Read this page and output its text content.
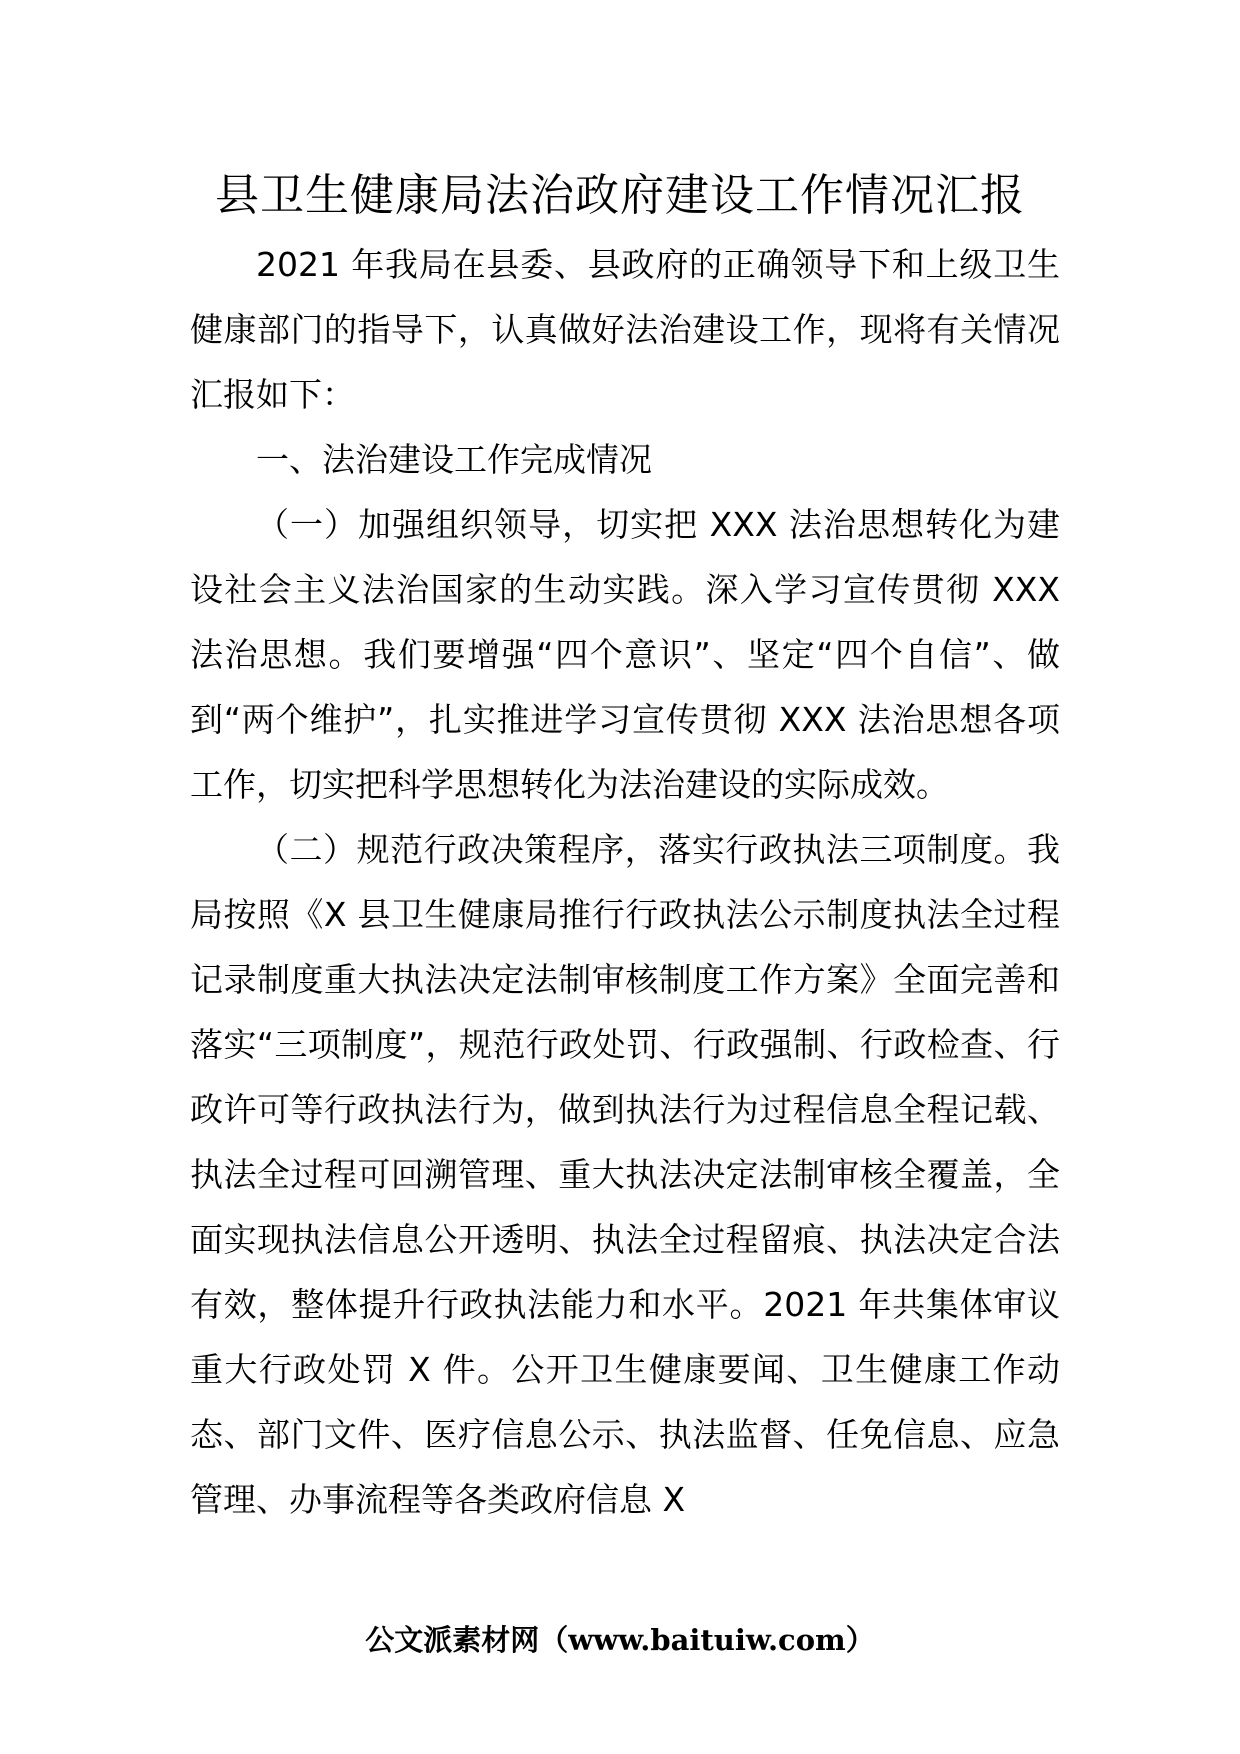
县卫生健康局法治政府建设工作情况汇报

2021 年我局在县委、县政府的正确领导下和上级卫生健康部门的指导下，认真做好法治建设工作，现将有关情况汇报如下：

一、法治建设工作完成情况

（一）加强组织领导，切实把 XXX 法治思想转化为建设社会主义法治国家的生动实践。深入学习宣传贯彻 XXX 法治思想。我们要增强“四个意识”、坚定“四个自信”、做到“两个维护”，扎实推进学习宣传贯彻 XXX 法治思想各项工作，切实把科学思想转化为法治建设的实际成效。

（二）规范行政决策程序，落实行政执法三项制度。我局按照《X 县卫生健康局推行行政执法公示制度执法全过程记录制度重大执法决定法制审核制度工作方案》全面完善和落实“三项制度”，规范行政处罚、行政强制、行政检查、行政许可等行政执法行为，做到执法行为过程信息全程记载、执法全过程可回溯管理、重大执法决定法制审核全覆盖，全面实现执法信息公开透明、执法全过程留痕、执法决定合法有效，整体提升行政执法能力和水平。2021 年共集体审议重大行政处罚 X 件。公开卫生健康要闻、卫生健康工作动态、部门文件、医疗信息公示、执法监督、任免信息、应急管理、办事流程等各类政府信息 X

公文派素材网（www.baituiw.com）
